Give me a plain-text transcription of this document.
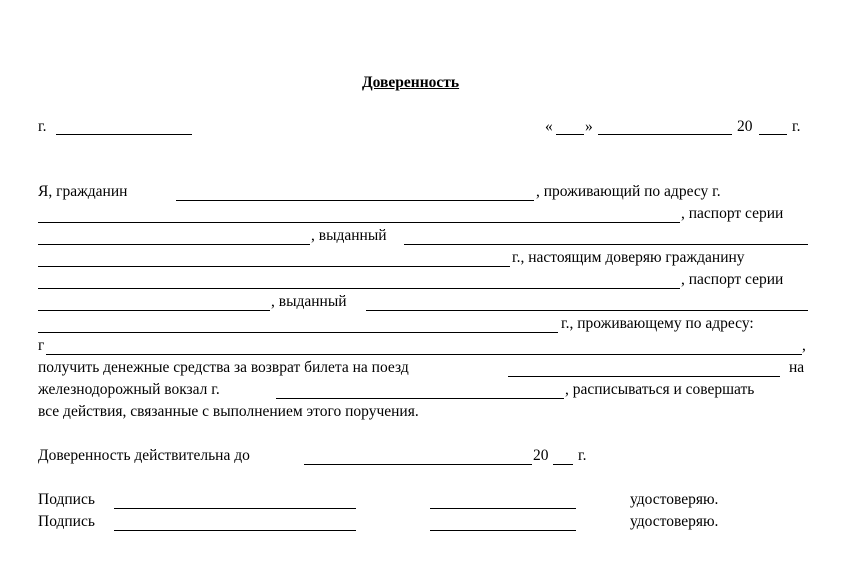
Доверенность
г.	« »	20	г.
Я, гражданин	, проживающий по адресу г.
, паспорт серии
, выданный
г., настоящим доверяю гражданину
, паспорт серии
, выданный
г., проживающему по адресу:
г	,
получить денежные средства за возврат билета на поезд	на
железнодорожный вокзал г.	, расписываться и совершать
все действия, связанные с выполнением этого поручения.
Доверенность действительна до	20 г.
Подпись	удостоверяю.
Подпись	удостоверяю.
